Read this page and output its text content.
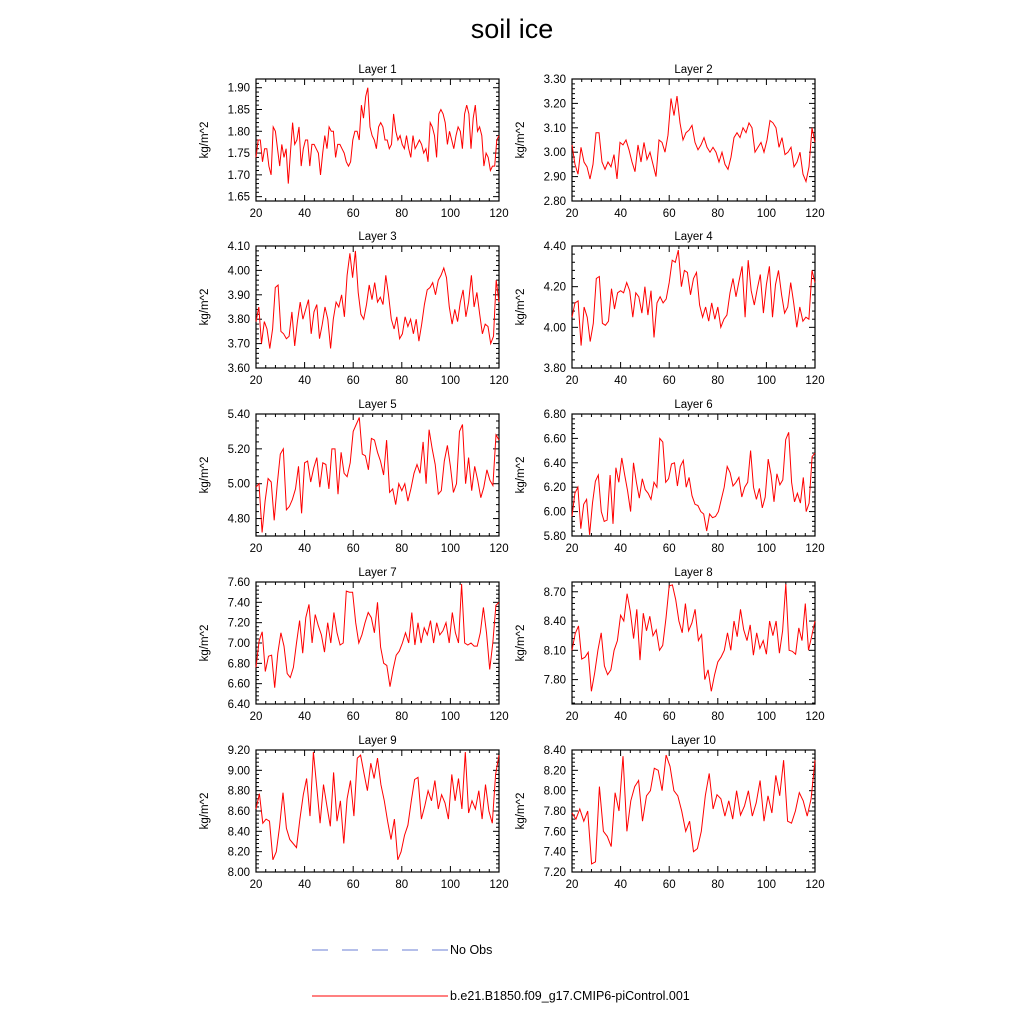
soil ice
Layer 1
kg/m^2
20	40	60	80	100	120
1.65
1.70
1.75
1.80
1.85
1.90
Layer 2
kg/m^2
20	40	60	80	100	120
2.80
2.90
3.00
3.10
3.20
3.30
Layer 3
kg/m^2
20	40	60	80	100	120
3.60
3.70
3.80
3.90
4.00
4.10
Layer 4
kg/m^2
20	40	60	80	100	120
3.80
4.00
4.20
4.40
Layer 5
kg/m^2
20	40	60	80	100	120
4.80
5.00
5.20
5.40
Layer 6
kg/m^2
20	40	60	80	100	120
5.80
6.00
6.20
6.40
6.60
6.80
Layer 7
kg/m^2
20	40	60	80	100	120
6.40
6.60
6.80
7.00
7.20
7.40
7.60
Layer 8
kg/m^2
20	40	60	80	100	120
7.80
8.10
8.40
8.70
Layer 9
kg/m^2
20	40	60	80	100	120
8.00
8.20
8.40
8.60
8.80
9.00
9.20
Layer 10
kg/m^2
20	40	60	80	100	120
7.20
7.40
7.60
7.80
8.00
8.20
8.40
No Obs
b.e21.B1850.f09_g17.CMIP6-piControl.001
